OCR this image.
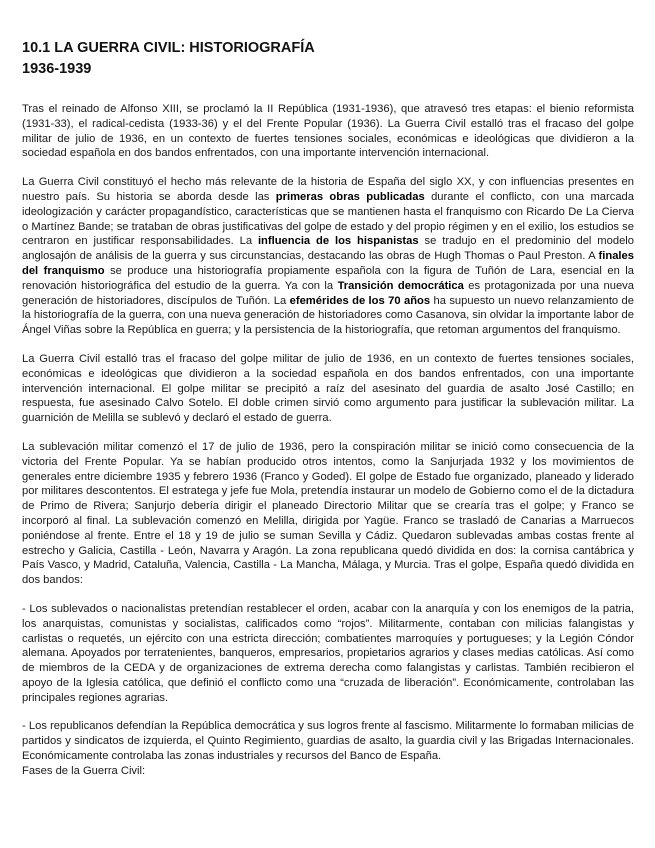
10.1 LA GUERRA CIVIL: HISTORIOGRAFÍA
1936-1939

Tras el reinado de Alfonso XIII, se proclamó la II República (1931-1936), que atravesó tres etapas: el bienio reformista (1931-33), el radical-cedista (1933-36) y el del Frente Popular (1936). La Guerra Civil estalló tras el fracaso del golpe militar de julio de 1936, en un contexto de fuertes tensiones sociales, económicas e ideológicas que dividieron a la sociedad española en dos bandos enfrentados, con una importante intervención internacional.

La Guerra Civil constituyó el hecho más relevante de la historia de España del siglo XX, y con influencias presentes en nuestro país. Su historia se aborda desde las primeras obras publicadas durante el conflicto, con una marcada ideologización y carácter propagandístico, características que se mantienen hasta el franquismo con Ricardo De La Cierva o Martínez Bande; se trataban de obras justificativas del golpe de estado y del propio régimen y en el exilio, los estudios se centraron en justificar responsabilidades. La influencia de los hispanistas se tradujo en el predominio del modelo anglosajón de análisis de la guerra y sus circunstancias, destacando las obras de Hugh Thomas o Paul Preston. A finales del franquismo se produce una historiografía propiamente española con la figura de Tuñón de Lara, esencial en la renovación historiográfica del estudio de la guerra. Ya con la Transición democrática es protagonizada por una nueva generación de historiadores, discípulos de Tuñón. La efemérides de los 70 años ha supuesto un nuevo relanzamiento de la historiografía de la guerra, con una nueva generación de historiadores como Casanova, sin olvidar la importante labor de Ángel Viñas sobre la República en guerra; y la persistencia de la historiografía, que retoman argumentos del franquismo.

La Guerra Civil estalló tras el fracaso del golpe militar de julio de 1936, en un contexto de fuertes tensiones sociales, económicas e ideológicas que dividieron a la sociedad española en dos bandos enfrentados, con una importante intervención internacional. El golpe militar se precipitó a raíz del asesinato del guardia de asalto José Castillo; en respuesta, fue asesinado Calvo Sotelo. El doble crimen sirvió como argumento para justificar la sublevación militar. La guarnición de Melilla se sublevó y declaró el estado de guerra.

La sublevación militar comenzó el 17 de julio de 1936, pero la conspiración militar se inició como consecuencia de la victoria del Frente Popular. Ya se habían producido otros intentos, como la Sanjurjada 1932 y los movimientos de generales entre diciembre 1935 y febrero 1936 (Franco y Goded). El golpe de Estado fue organizado, planeado y liderado por militares descontentos. El estratega y jefe fue Mola, pretendía instaurar un modelo de Gobierno como el de la dictadura de Primo de Rivera; Sanjurjo debería dirigir el planeado Directorio Militar que se crearía tras el golpe; y Franco se incorporó al final. La sublevación comenzó en Melilla, dirigida por Yagüe. Franco se trasladó de Canarias a Marruecos poniéndose al frente. Entre el 18 y 19 de julio se suman Sevilla y Cádiz. Quedaron sublevadas ambas costas frente al estrecho y Galicia, Castilla - León, Navarra y Aragón. La zona republicana quedó dividida en dos: la cornisa cantábrica y País Vasco, y Madrid, Cataluña, Valencia, Castilla - La Mancha, Málaga, y Murcia. Tras el golpe, España quedó dividida en dos bandos:

- Los sublevados o nacionalistas pretendían restablecer el orden, acabar con la anarquía y con los enemigos de la patria, los anarquistas, comunistas y socialistas, calificados como “rojos”. Militarmente, contaban con milicias falangistas y carlistas o requetés, un ejército con una estricta dirección; combatientes marroquíes y portugueses; y la Legión Cóndor alemana. Apoyados por terratenientes, banqueros, empresarios, propietarios agrarios y clases medias católicas. Así como de miembros de la CEDA y de organizaciones de extrema derecha como falangistas y carlistas. También recibieron el apoyo de la Iglesia católica, que definió el conflicto como una “cruzada de liberación”. Económicamente, controlaban las principales regiones agrarias.

- Los republicanos defendían la República democrática y sus logros frente al fascismo. Militarmente lo formaban milicias de partidos y sindicatos de izquierda, el Quinto Regimiento, guardias de asalto, la guardia civil y las Brigadas Internacionales. Económicamente controlaba las zonas industriales y recursos del Banco de España.

Fases de la Guerra Civil:
